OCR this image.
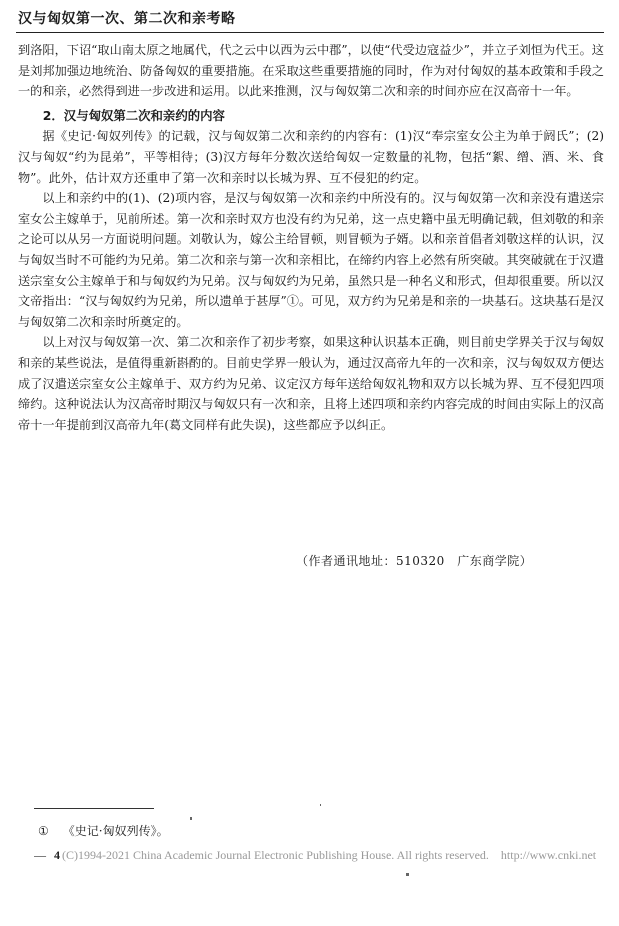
汉与匈奴第一次、第二次和亲考略

到洛阳，下诏“取山南太原之地属代，代之云中以西为云中郡”，以使“代受边寇益少”，并立子刘恒为代王。这是刘邦加强边地统治、防备匈奴的重要措施。在采取这些重要措施的同时，作为对付匈奴的基本政策和手段之一的和亲，必然得到进一步改进和运用。以此来推测，汉与匈奴第二次和亲的时间亦应在汉高帝十一年。

2．汉与匈奴第二次和亲约的内容

据《史记·匈奴列传》的记载，汉与匈奴第二次和亲约的内容有：(1)汉“奉宗室女公主为单于阏氏”；(2)汉与匈奴“约为昆弟”，平等相待；(3)汉方每年分数次送给匈奴一定数量的礼物，包括“絮、缯、酒、米、食物”。此外，估计双方还重申了第一次和亲时以长城为界、互不侵犯的约定。

以上和亲约中的(1)、(2)项内容，是汉与匈奴第一次和亲约中所没有的。汉与匈奴第一次和亲没有遣送宗室女公主嫁单于，见前所述。第一次和亲时双方也没有约为兄弟，这一点史籍中虽无明确记载，但刘敬的和亲之论可以从另一方面说明问题。刘敬认为，嫁公主给冒顿，则冒顿为子婿。以和亲首倡者刘敬这样的认识，汉与匈奴当时不可能约为兄弟。第二次和亲与第一次和亲相比，在缔约内容上必然有所突破。其突破就在于汉遣送宗室女公主嫁单于和与匈奴约为兄弟。汉与匈奴约为兄弟，虽然只是一种名义和形式，但却很重要。所以汉文帝指出：“汉与匈奴约为兄弟，所以遗单于甚厚”①。可见，双方约为兄弟是和亲的一块基石。这块基石是汉与匈奴第二次和亲时所奠定的。

以上对汉与匈奴第一次、第二次和亲作了初步考察，如果这种认识基本正确，则目前史学界关于汉与匈奴和亲的某些说法，是值得重新斟酌的。目前史学界一般认为，通过汉高帝九年的一次和亲，汉与匈奴双方便达成了汉遣送宗室女公主嫁单于、双方约为兄弟、议定汉方每年送给匈奴礼物和双方以长城为界、互不侵犯四项缔约。这种说法认为汉高帝时期汉与匈奴只有一次和亲，且将上述四项和亲约内容完成的时间由实际上的汉高帝十一年提前到汉高帝九年(葛文同样有此失误)，这些都应予以纠正。

（作者通讯地址：510320　广东商学院）
① 《史记·匈奴列传》。
— 4 (C)1994-2021 China Academic Journal Electronic Publishing House. All rights reserved.　http://www.cnki.net
